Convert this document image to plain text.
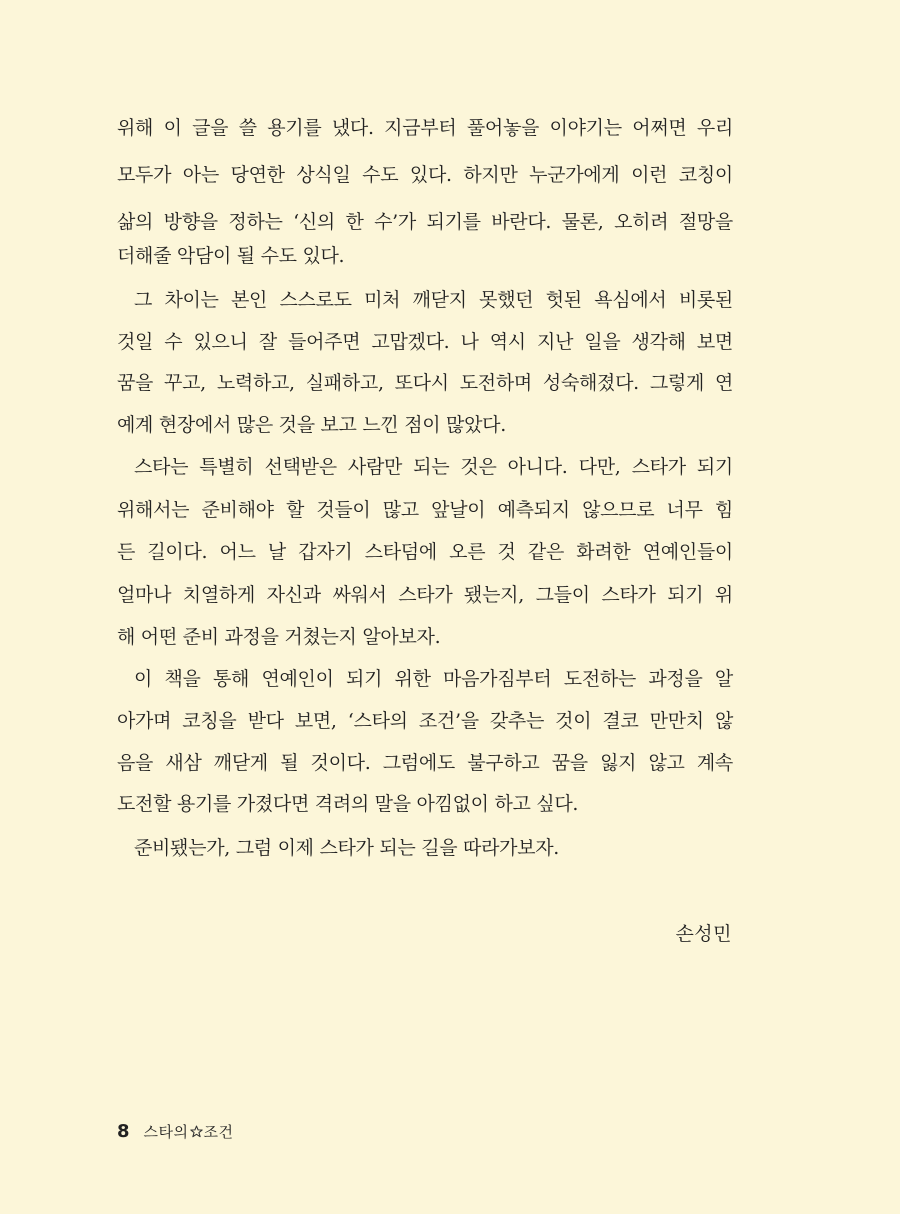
위해 이 글을 쓸 용기를 냈다. 지금부터 풀어놓을 이야기는 어쩌면 우리
모두가 아는 당연한 상식일 수도 있다. 하지만 누군가에게 이런 코칭이
삶의 방향을 정하는 ‘신의 한 수’가 되기를 바란다. 물론, 오히려 절망을
더해줄 악담이 될 수도 있다.
그 차이는 본인 스스로도 미처 깨닫지 못했던 헛된 욕심에서 비롯된
것일 수 있으니 잘 들어주면 고맙겠다. 나 역시 지난 일을 생각해 보면
꿈을 꾸고, 노력하고, 실패하고, 또다시 도전하며 성숙해졌다. 그렇게 연
예계 현장에서 많은 것을 보고 느낀 점이 많았다.
스타는 특별히 선택받은 사람만 되는 것은 아니다. 다만, 스타가 되기
위해서는 준비해야 할 것들이 많고 앞날이 예측되지 않으므로 너무 힘
든 길이다. 어느 날 갑자기 스타덤에 오른 것 같은 화려한 연예인들이
얼마나 치열하게 자신과 싸워서 스타가 됐는지, 그들이 스타가 되기 위
해 어떤 준비 과정을 거쳤는지 알아보자.
이 책을 통해 연예인이 되기 위한 마음가짐부터 도전하는 과정을 알
아가며 코칭을 받다 보면, ‘스타의 조건’을 갖추는 것이 결코 만만치 않
음을 새삼 깨닫게 될 것이다. 그럼에도 불구하고 꿈을 잃지 않고 계속
도전할 용기를 가졌다면 격려의 말을 아낌없이 하고 싶다.
준비됐는가, 그럼 이제 스타가 되는 길을 따라가보자.
손성민
8 스타의 조건
